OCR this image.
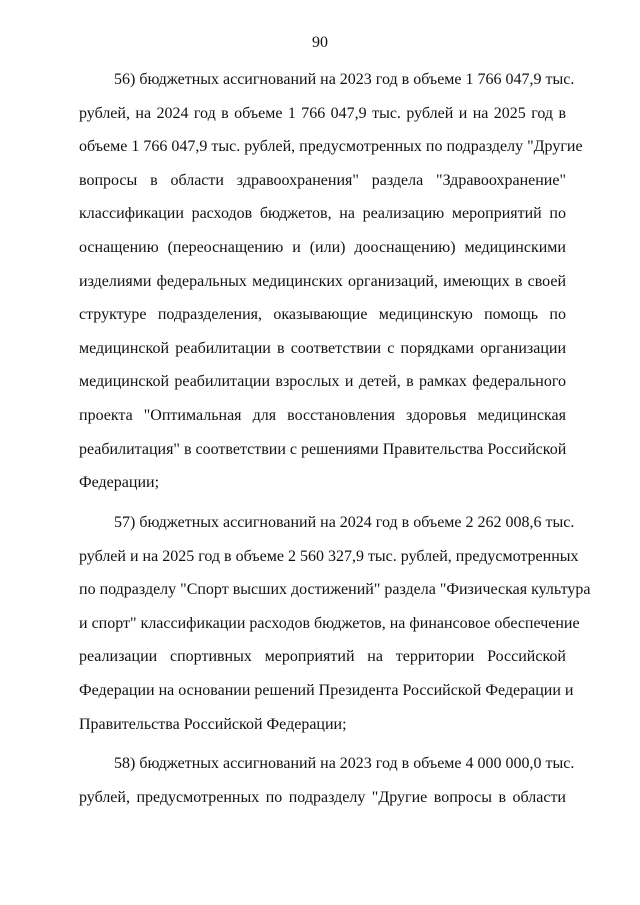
90
56) бюджетных ассигнований на 2023 год в объеме 1 766 047,9 тыс.
рублей, на 2024 год в объеме 1 766 047,9 тыс. рублей и на 2025 год в
объеме 1 766 047,9 тыс. рублей, предусмотренных по подразделу "Другие
вопросы в области здравоохранения" раздела "Здравоохранение"
классификации расходов бюджетов, на реализацию мероприятий по
оснащению (переоснащению и (или) дооснащению) медицинскими
изделиями федеральных медицинских организаций, имеющих в своей
структуре подразделения, оказывающие медицинскую помощь по
медицинской реабилитации в соответствии с порядками организации
медицинской реабилитации взрослых и детей, в рамках федерального
проекта "Оптимальная для восстановления здоровья медицинская
реабилитация" в соответствии с решениями Правительства Российской
Федерации;
57) бюджетных ассигнований на 2024 год в объеме 2 262 008,6 тыс.
рублей и на 2025 год в объеме 2 560 327,9 тыс. рублей, предусмотренных
по подразделу "Спорт высших достижений" раздела "Физическая культура
и спорт" классификации расходов бюджетов, на финансовое обеспечение
реализации спортивных мероприятий на территории Российской
Федерации на основании решений Президента Российской Федерации и
Правительства Российской Федерации;
58) бюджетных ассигнований на 2023 год в объеме 4 000 000,0 тыс.
рублей, предусмотренных по подразделу "Другие вопросы в области
